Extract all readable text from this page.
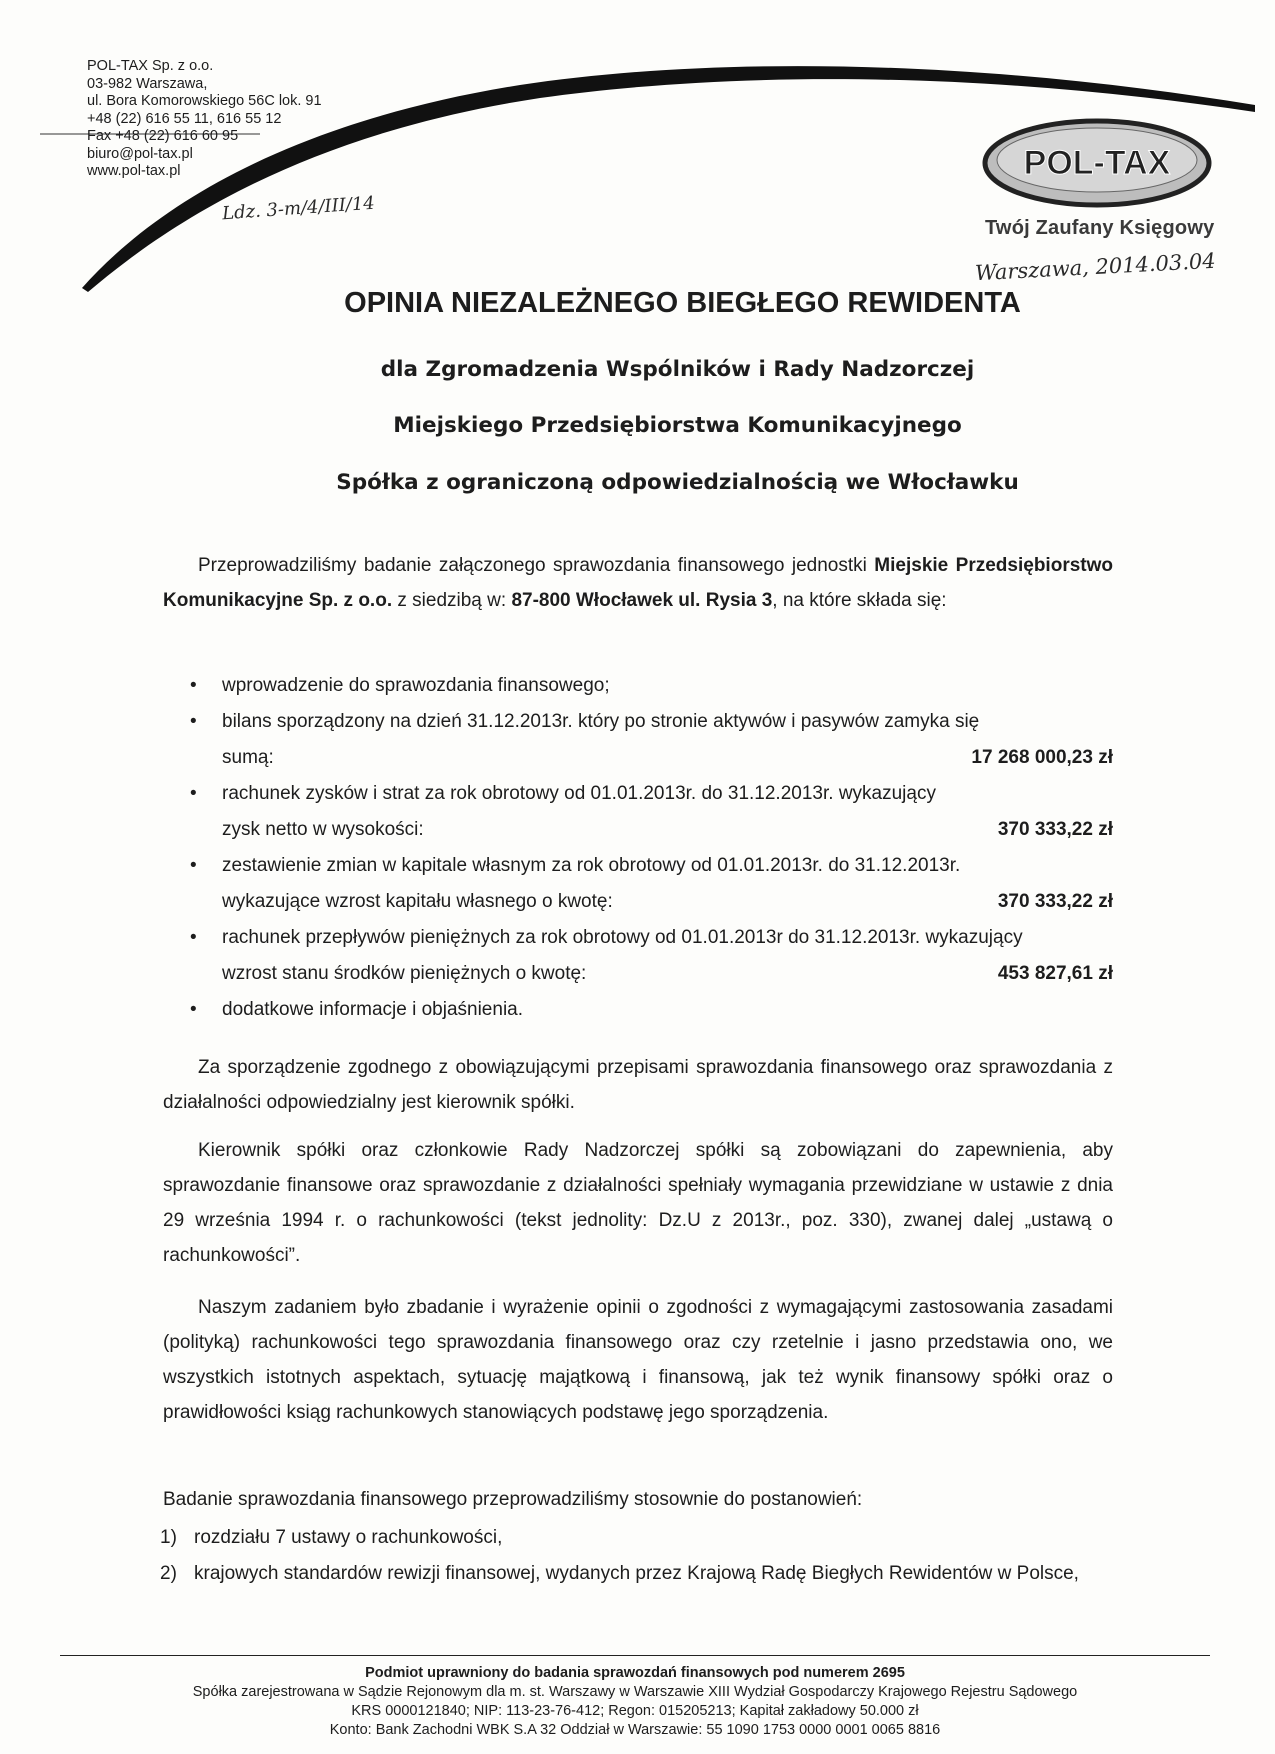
POL-TAX Sp. z o.o.
03-982 Warszawa,
ul. Bora Komorowskiego 56C lok. 91
+48 (22) 616 55 11, 616 55 12
Fax +48 (22) 616 60 95
biuro@pol-tax.pl
www.pol-tax.pl	POL-TAX
Twój Zaufany Księgowy
Ldz. 3-m/4/III/14
Warszawa, 2014.03.04
OPINIA NIEZALEŻNEGO BIEGŁEGO REWIDENTA
dla Zgromadzenia Wspólników i Rady Nadzorczej
Miejskiego Przedsiębiorstwa Komunikacyjnego
Spółka z ograniczoną odpowiedzialnością we Włocławku
Przeprowadziliśmy badanie załączonego sprawozdania finansowego jednostki Miejskie Przedsiębiorstwo Komunikacyjne Sp. z o.o. z siedzibą w: 87-800 Włocławek ul. Rysia 3, na które składa się:
• wprowadzenie do sprawozdania finansowego;
• bilans sporządzony na dzień 31.12.2013r. który po stronie aktywów i pasywów zamyka się
sumą:	17 268 000,23 zł
• rachunek zysków i strat za rok obrotowy od 01.01.2013r. do 31.12.2013r. wykazujący
zysk netto w wysokości:	370 333,22 zł
• zestawienie zmian w kapitale własnym za rok obrotowy od 01.01.2013r. do 31.12.2013r.
wykazujące wzrost kapitału własnego o kwotę:	370 333,22 zł
• rachunek przepływów pieniężnych za rok obrotowy od 01.01.2013r do 31.12.2013r. wykazujący
wzrost stanu środków pieniężnych o kwotę:	453 827,61 zł
• dodatkowe informacje i objaśnienia.
Za sporządzenie zgodnego z obowiązującymi przepisami sprawozdania finansowego oraz sprawozdania z działalności odpowiedzialny jest kierownik spółki.
Kierownik spółki oraz członkowie Rady Nadzorczej spółki są zobowiązani do zapewnienia, aby sprawozdanie finansowe oraz sprawozdanie z działalności spełniały wymagania przewidziane w ustawie z dnia 29 września 1994 r. o rachunkowości (tekst jednolity: Dz.U z 2013r., poz. 330), zwanej dalej „ustawą o rachunkowości”.
Naszym zadaniem było zbadanie i wyrażenie opinii o zgodności z wymagającymi zastosowania zasadami (polityką) rachunkowości tego sprawozdania finansowego oraz czy rzetelnie i jasno przedstawia ono, we wszystkich istotnych aspektach, sytuację majątkową i finansową, jak też wynik finansowy spółki oraz o prawidłowości ksiąg rachunkowych stanowiących podstawę jego sporządzenia.
Badanie sprawozdania finansowego przeprowadziliśmy stosownie do postanowień:
1) rozdziału 7 ustawy o rachunkowości,
2) krajowych standardów rewizji finansowej, wydanych przez Krajową Radę Biegłych Rewidentów w Polsce,
Podmiot uprawniony do badania sprawozdań finansowych pod numerem 2695
Spółka zarejestrowana w Sądzie Rejonowym dla m. st. Warszawy w Warszawie XIII Wydział Gospodarczy Krajowego Rejestru Sądowego
KRS 0000121840; NIP: 113-23-76-412; Regon: 015205213; Kapitał zakładowy 50.000 zł
Konto: Bank Zachodni WBK S.A 32 Oddział w Warszawie: 55 1090 1753 0000 0001 0065 8816
